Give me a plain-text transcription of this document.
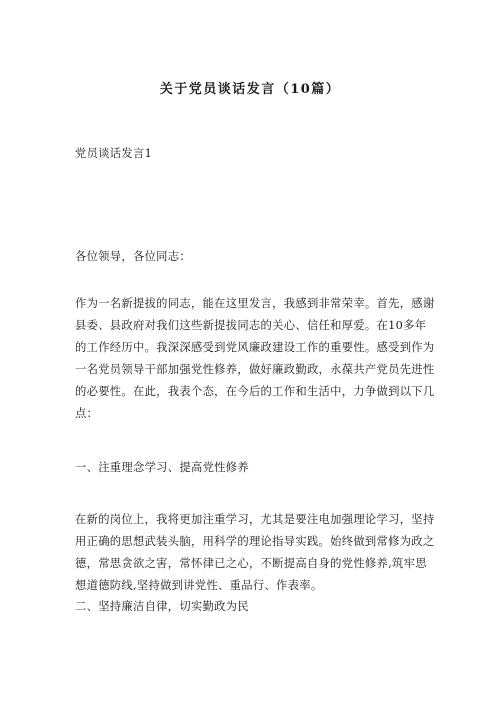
关于党员谈话发言（10篇）
党员谈话发言1
各位领导，各位同志：
作为一名新提拔的同志，能在这里发言，我感到非常荣幸。首先，感谢县委、县政府对我们这些新提拔同志的关心、信任和厚爱。在10多年的工作经历中。我深深感受到党风廉政建设工作的重要性。感受到作为一名党员领导干部加强党性修养，做好廉政勤政，永葆共产党员先进性的必要性。在此，我表个态，在今后的工作和生活中，力争做到以下几点：
一、注重理念学习、提高党性修养
在新的岗位上，我将更加注重学习，尤其是要注电加强理论学习，坚持用正确的思想武装头脑，用科学的理论指导实践。始终做到常修为政之德，常思贪欲之害，常怀律已之心，不断提高自身的党性修养,筑牢思想道德防线,坚持做到讲党性、重品行、作表率。
二、坚持廉洁自律，切实勤政为民
